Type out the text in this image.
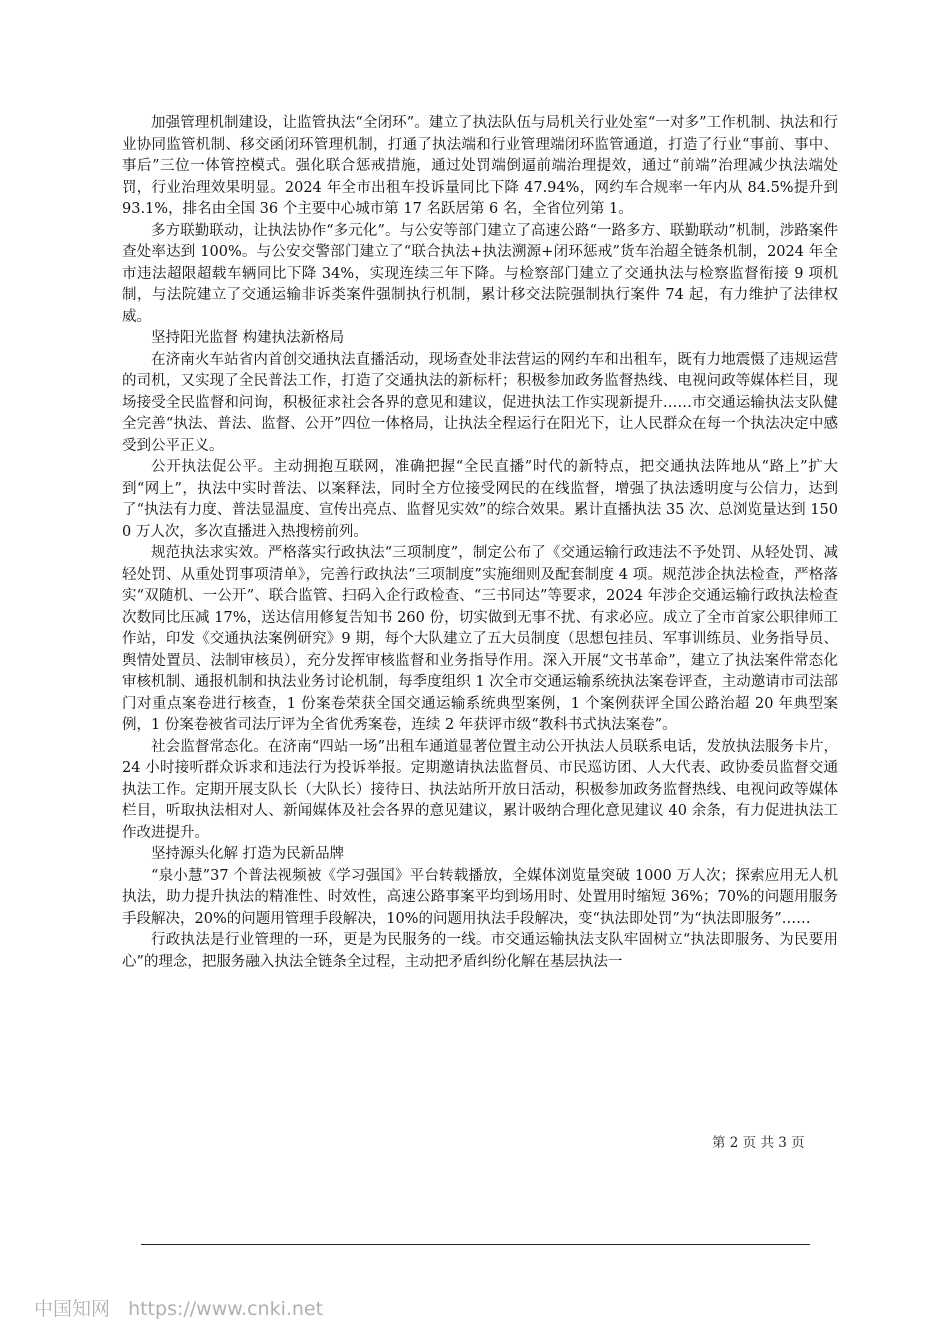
加强管理机制建设，让监管执法“全闭环”。建立了执法队伍与局机关行业处室“一对多”工作机制、执法和行业协同监管机制、移交函闭环管理机制，打通了执法端和行业管理端闭环监管通道，打造了行业“事前、事中、事后”三位一体管控模式。强化联合惩戒措施，通过处罚端倒逼前端治理提效，通过“前端”治理减少执法端处罚，行业治理效果明显。2024 年全市出租车投诉量同比下降 47.94%，网约车合规率一年内从 84.5%提升到 93.1%，排名由全国 36 个主要中心城市第 17 名跃居第 6 名，全省位列第 1。

多方联勤联动，让执法协作“多元化”。与公安等部门建立了高速公路“一路多方、联勤联动”机制，涉路案件查处率达到 100%。与公安交警部门建立了“联合执法+执法溯源+闭环惩戒”货车治超全链条机制，2024 年全市违法超限超载车辆同比下降 34%，实现连续三年下降。与检察部门建立了交通执法与检察监督衔接 9 项机制，与法院建立了交通运输非诉类案件强制执行机制，累计移交法院强制执行案件 74 起，有力维护了法律权威。

坚持阳光监督 构建执法新格局

在济南火车站省内首创交通执法直播活动，现场查处非法营运的网约车和出租车，既有力地震慑了违规运营的司机，又实现了全民普法工作，打造了交通执法的新标杆；积极参加政务监督热线、电视问政等媒体栏目，现场接受全民监督和问询，积极征求社会各界的意见和建议，促进执法工作实现新提升……市交通运输执法支队健全完善“执法、普法、监督、公开”四位一体格局，让执法全程运行在阳光下，让人民群众在每一个执法决定中感受到公平正义。

公开执法促公平。主动拥抱互联网，准确把握“全民直播”时代的新特点，把交通执法阵地从“路上”扩大到“网上”，执法中实时普法、以案释法，同时全方位接受网民的在线监督，增强了执法透明度与公信力，达到了“执法有力度、普法显温度、宣传出亮点、监督见实效”的综合效果。累计直播执法 35 次、总浏览量达到 1500 万人次，多次直播进入热搜榜前列。

规范执法求实效。严格落实行政执法“三项制度”，制定公布了《交通运输行政违法不予处罚、从轻处罚、减轻处罚、从重处罚事项清单》，完善行政执法“三项制度”实施细则及配套制度 4 项。规范涉企执法检查，严格落实“双随机、一公开”、联合监管、扫码入企行政检查、“三书同达”等要求，2024 年涉企交通运输行政执法检查次数同比压减 17%，送达信用修复告知书 260 份，切实做到无事不扰、有求必应。成立了全市首家公职律师工作站，印发《交通执法案例研究》9 期，每个大队建立了五大员制度（思想包挂员、军事训练员、业务指导员、舆情处置员、法制审核员），充分发挥审核监督和业务指导作用。深入开展“文书革命”，建立了执法案件常态化审核机制、通报机制和执法业务讨论机制，每季度组织 1 次全市交通运输系统执法案卷评查，主动邀请市司法部门对重点案卷进行核查，1 份案卷荣获全国交通运输系统典型案例，1 个案例获评全国公路治超 20 年典型案例，1 份案卷被省司法厅评为全省优秀案卷，连续 2 年获评市级“教科书式执法案卷”。

社会监督常态化。在济南“四站一场”出租车通道显著位置主动公开执法人员联系电话，发放执法服务卡片，24 小时接听群众诉求和违法行为投诉举报。定期邀请执法监督员、市民巡访团、人大代表、政协委员监督交通执法工作。定期开展支队长（大队长）接待日、执法站所开放日活动，积极参加政务监督热线、电视问政等媒体栏目，听取执法相对人、新闻媒体及社会各界的意见建议，累计吸纳合理化意见建议 40 余条，有力促进执法工作改进提升。

坚持源头化解 打造为民新品牌

“泉小慧”37 个普法视频被《学习强国》平台转载播放，全媒体浏览量突破 1000 万人次；探索应用无人机执法，助力提升执法的精准性、时效性，高速公路事案平均到场用时、处置用时缩短 36%；70%的问题用服务手段解决，20%的问题用管理手段解决，10%的问题用执法手段解决，变“执法即处罚”为“执法即服务”……

行政执法是行业管理的一环，更是为民服务的一线。市交通运输执法支队牢固树立“执法即服务、为民要用心”的理念，把服务融入执法全链条全过程，主动把矛盾纠纷化解在基层执法一

第 2 页 共 3 页
中国知网 https://www.cnki.net
